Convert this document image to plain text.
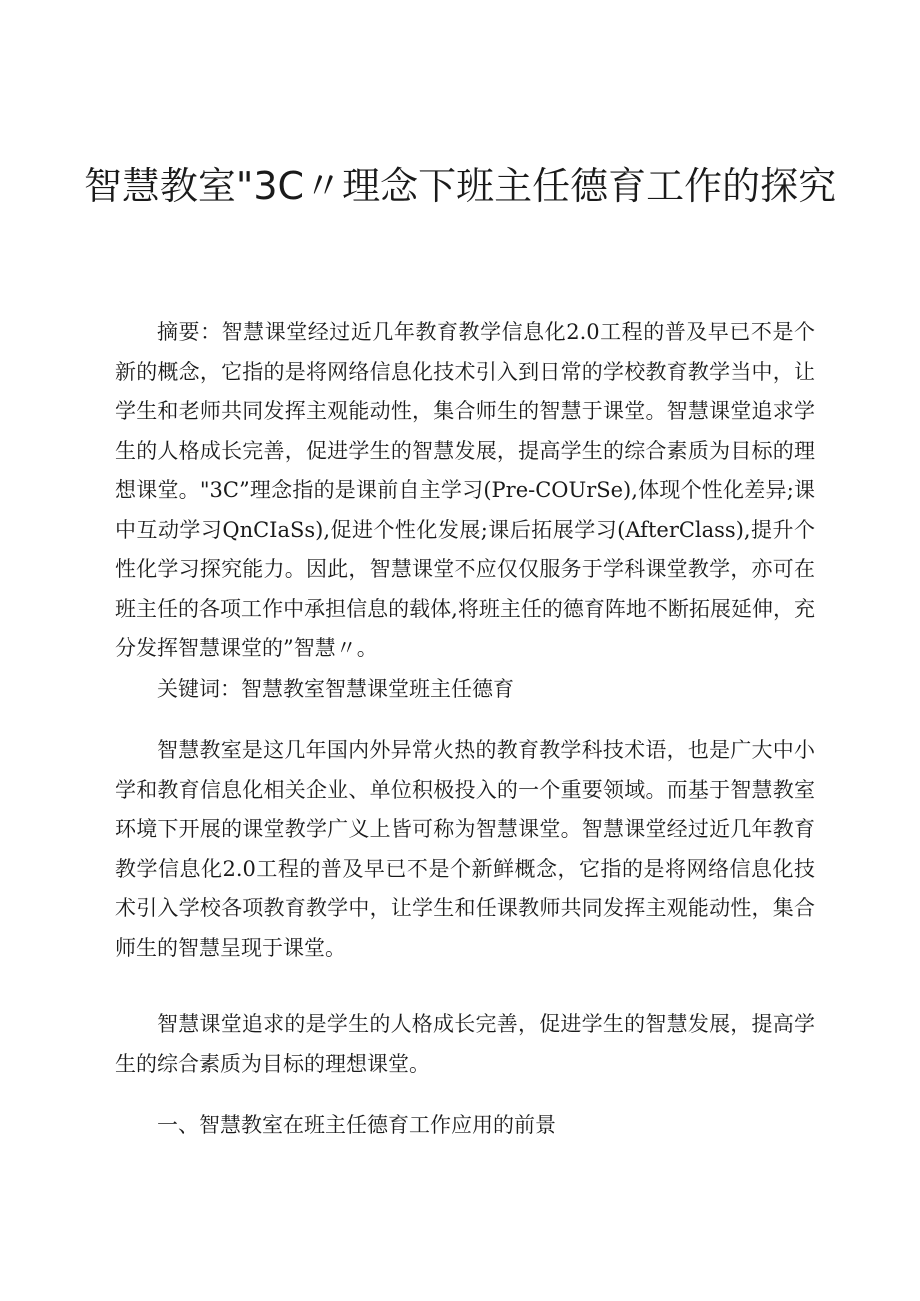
智慧教室"3C〃理念下班主任德育工作的探究

摘要：智慧课堂经过近几年教育教学信息化2.0工程的普及早已不是个新的概念，它指的是将网络信息化技术引入到日常的学校教育教学当中，让学生和老师共同发挥主观能动性，集合师生的智慧于课堂。智慧课堂追求学生的人格成长完善，促进学生的智慧发展，提高学生的综合素质为目标的理想课堂。"3C”理念指的是课前自主学习(Pre-COUrSe),体现个性化差异;课中互动学习QnCIaSs),促进个性化发展;课后拓展学习(AfterClass),提升个性化学习探究能力。因此，智慧课堂不应仅仅服务于学科课堂教学，亦可在班主任的各项工作中承担信息的载体,将班主任的德育阵地不断拓展延伸，充分发挥智慧课堂的”智慧〃。

关键词：智慧教室智慧课堂班主任德育

智慧教室是这几年国内外异常火热的教育教学科技术语，也是广大中小学和教育信息化相关企业、单位积极投入的一个重要领域。而基于智慧教室环境下开展的课堂教学广义上皆可称为智慧课堂。智慧课堂经过近几年教育教学信息化2.0工程的普及早已不是个新鲜概念，它指的是将网络信息化技术引入学校各项教育教学中，让学生和任课教师共同发挥主观能动性，集合师生的智慧呈现于课堂。

智慧课堂追求的是学生的人格成长完善，促进学生的智慧发展，提高学生的综合素质为目标的理想课堂。

一、智慧教室在班主任德育工作应用的前景
